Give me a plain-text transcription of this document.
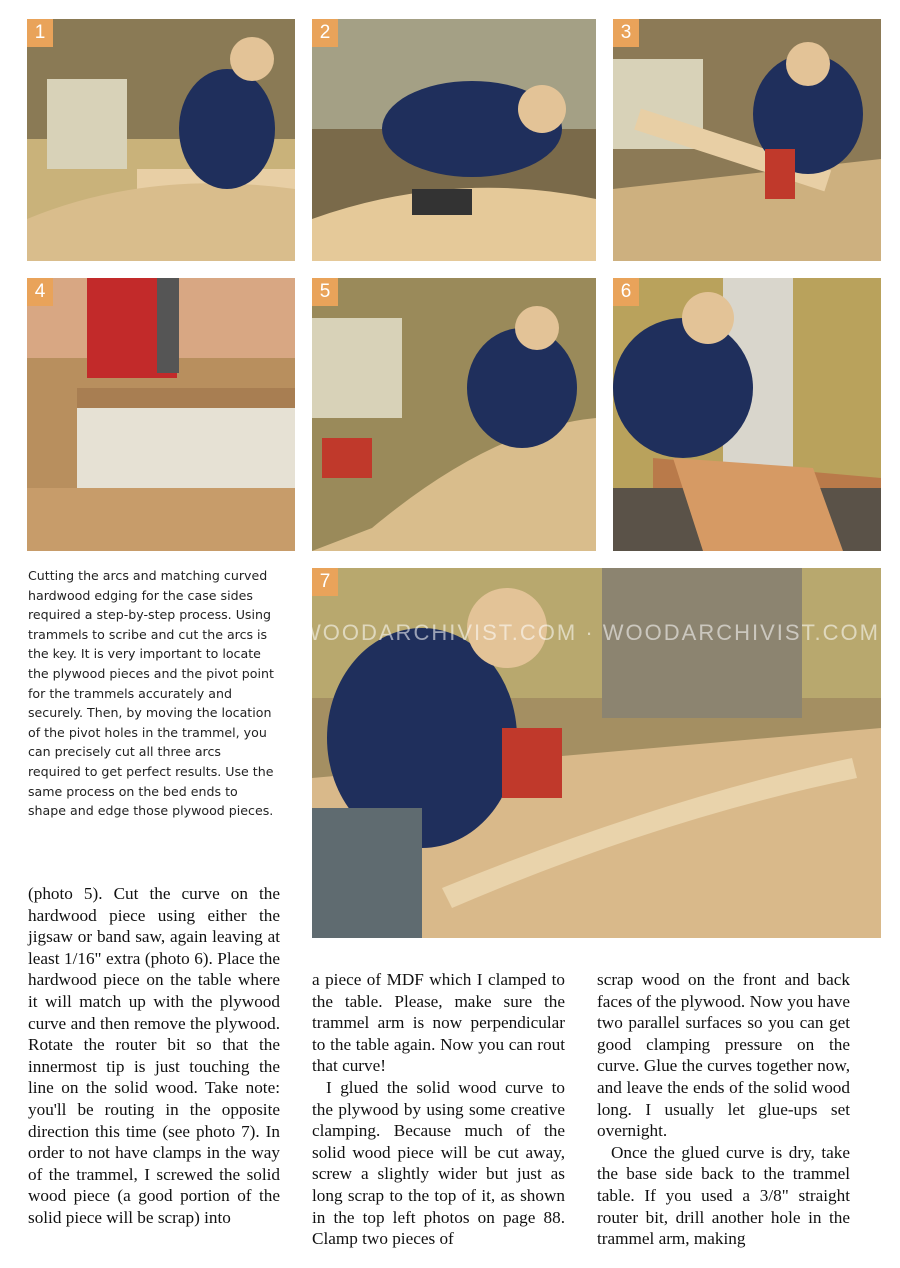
1	2	3
4	5	6
7
WOODARCHIVIST.COM · WOODARCHIVIST.COM

Cutting the arcs and matching curved hardwood edging for the case sides required a step-by-step process. Using trammels to scribe and cut the arcs is the key. It is very important to locate the plywood pieces and the pivot point for the trammels accurately and securely. Then, by moving the location of the pivot holes in the trammel, you can precisely cut all three arcs required to get perfect results. Use the same process on the bed ends to shape and edge those plywood pieces.

(photo 5). Cut the curve on the hardwood piece using either the jigsaw or band saw, again leaving at least 1/16" extra (photo 6). Place the hardwood piece on the table where it will match up with the plywood curve and then remove the plywood. Rotate the router bit so that the innermost tip is just touching the line on the solid wood. Take note: you'll be routing in the opposite direction this time (see photo 7). In order to not have clamps in the way of the trammel, I screwed the solid wood piece (a good portion of the solid piece will be scrap) into

a piece of MDF which I clamped to the table. Please, make sure the trammel arm is now perpendicular to the table again. Now you can rout that curve!

I glued the solid wood curve to the plywood by using some creative clamping. Because much of the solid wood piece will be cut away, screw a slightly wider but just as long scrap to the top of it, as shown in the top left photos on page 88. Clamp two pieces of

scrap wood on the front and back faces of the plywood. Now you have two parallel surfaces so you can get good clamping pressure on the curve. Glue the curves together now, and leave the ends of the solid wood long. I usually let glue-ups set overnight.

Once the glued curve is dry, take the base side back to the trammel table. If you used a 3/8" straight router bit, drill another hole in the trammel arm, making
